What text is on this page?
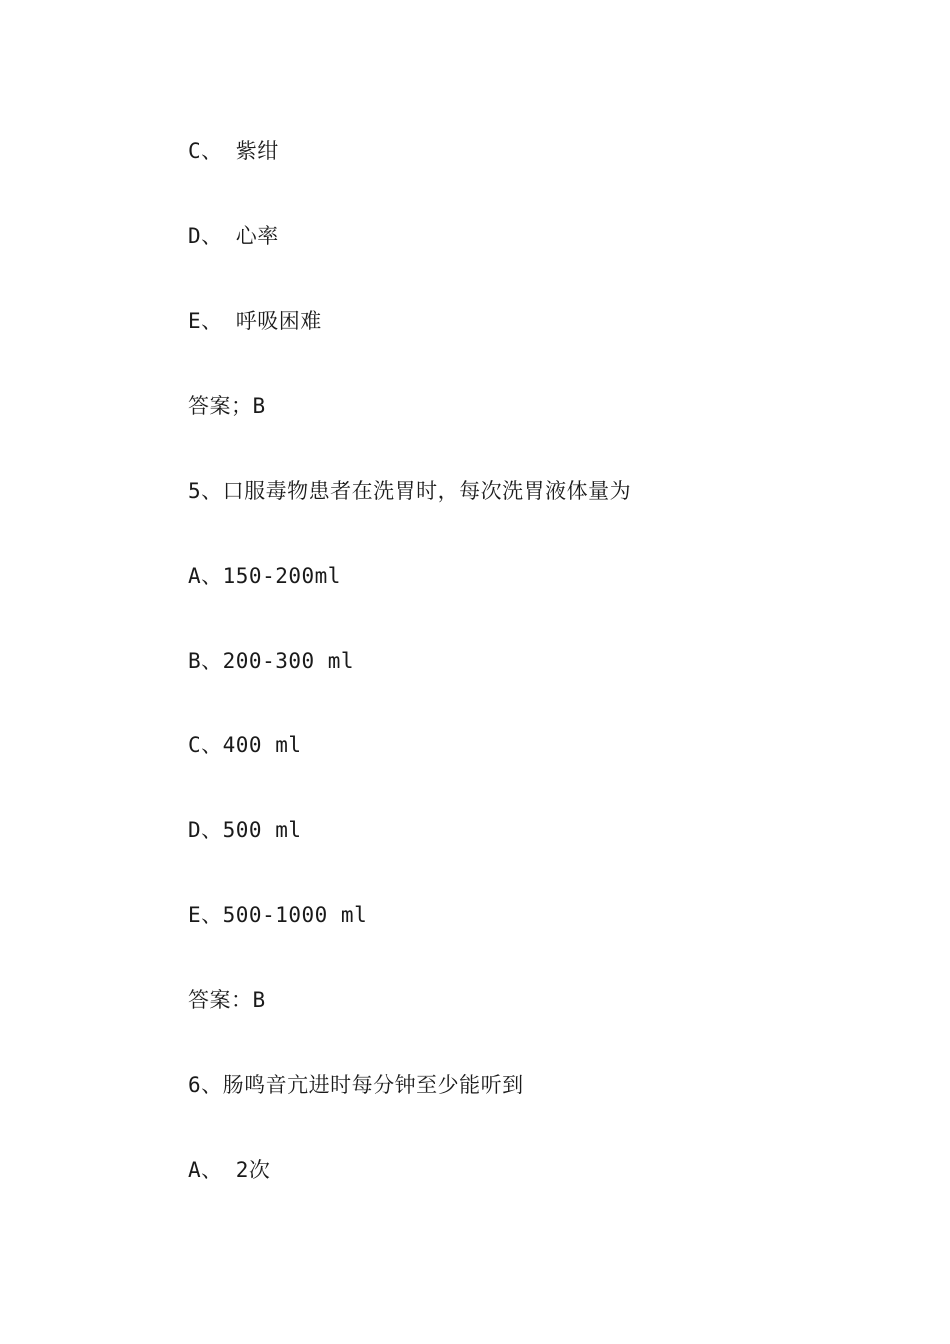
C、 紫绀
D、 心率
E、 呼吸困难
答案；B
5、口服毒物患者在洗胃时，每次洗胃液体量为
A、150-200ml
B、200-300 ml
C、400 ml
D、500 ml
E、500-1000 ml
答案：B
6、肠鸣音亢进时每分钟至少能听到
A、 2次
